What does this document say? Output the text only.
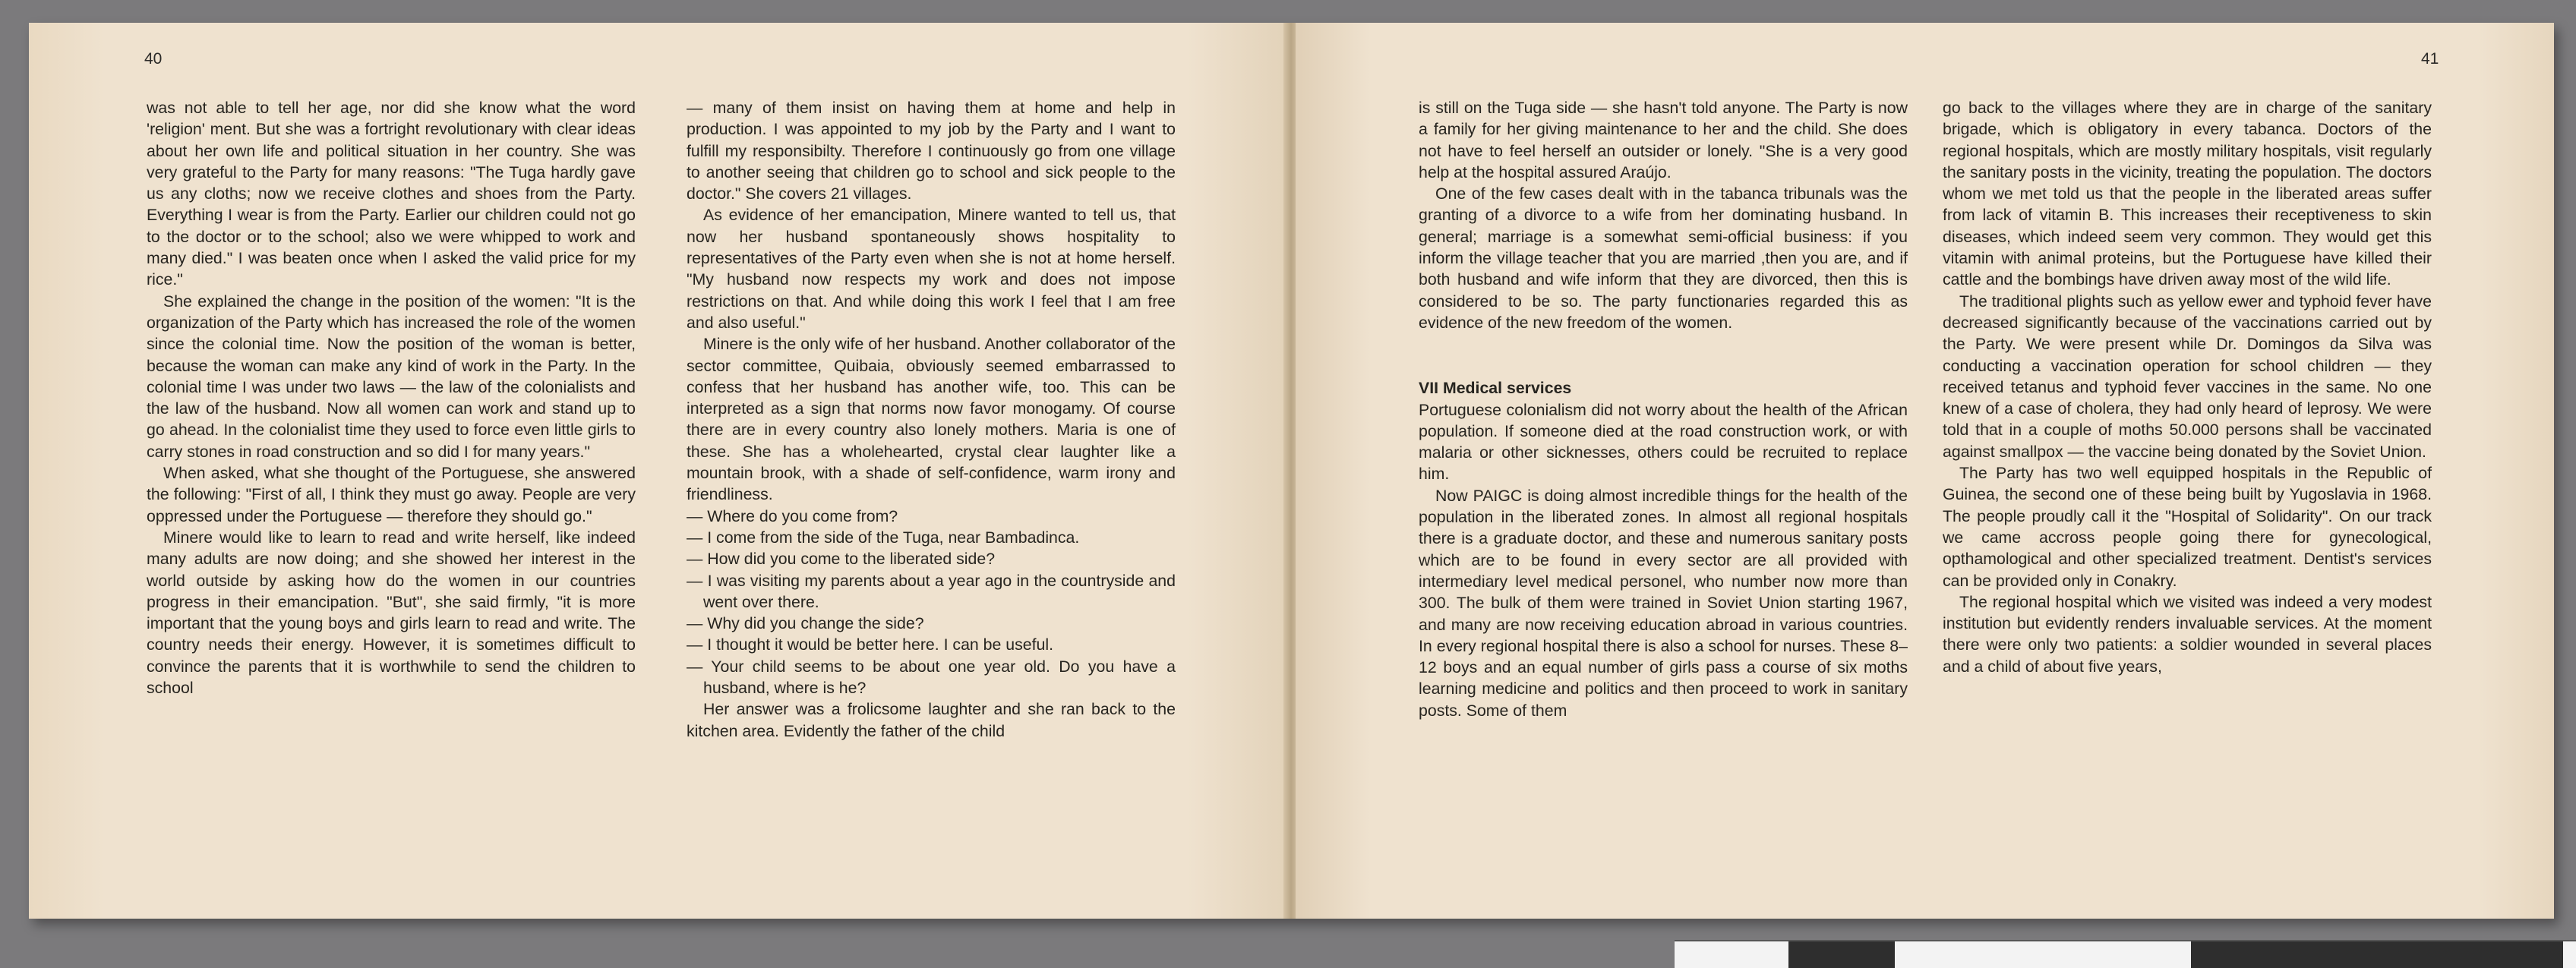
40

was not able to tell her age, nor did she know what the word 'religion' ment. But she was a fortright revolutionary with clear ideas about her own life and political situation in her country. She was very grateful to the Party for many reasons: "The Tuga hardly gave us any cloths; now we receive clothes and shoes from the Party. Everything I wear is from the Party. Earlier our children could not go to the doctor or to the school; also we were whipped to work and many died." I was beaten once when I asked the valid price for my rice."

She explained the change in the position of the women: "It is the organization of the Party which has increased the role of the women since the colonial time. Now the position of the woman is better, because the woman can make any kind of work in the Party. In the colonial time I was under two laws — the law of the colonialists and the law of the husband. Now all women can work and stand up to go ahead. In the colonialist time they used to force even little girls to carry stones in road construction and so did I for many years."

When asked, what she thought of the Portuguese, she answered the following: "First of all, I think they must go away. People are very oppressed under the Portuguese — therefore they should go."

Minere would like to learn to read and write herself, like indeed many adults are now doing; and she showed her interest in the world outside by asking how do the women in our countries progress in their emancipation. "But", she said firmly, "it is more important that the young boys and girls learn to read and write. The country needs their energy. However, it is sometimes difficult to convince the parents that it is worthwhile to send the children to school

— many of them insist on having them at home and help in production. I was appointed to my job by the Party and I want to fulfill my responsibilty. Therefore I continuously go from one village to another seeing that children go to school and sick people to the doctor." She covers 21 villages.

As evidence of her emancipation, Minere wanted to tell us, that now her husband spontaneously shows hospitality to representatives of the Party even when she is not at home herself. "My husband now respects my work and does not impose restrictions on that. And while doing this work I feel that I am free and also useful."

Minere is the only wife of her husband. Another collaborator of the sector committee, Quibaia, obviously seemed embarrassed to confess that her husband has another wife, too. This can be interpreted as a sign that norms now favor monogamy. Of course there are in every country also lonely mothers. Maria is one of these. She has a wholehearted, crystal clear laughter like a mountain brook, with a shade of self-confidence, warm irony and friendliness.

— Where do you come from?

— I come from the side of the Tuga, near Bambadinca.

— How did you come to the liberated side?

— I was visiting my parents about a year ago in the countryside and went over there.

— Why did you change the side?

— I thought it would be better here. I can be useful.

— Your child seems to be about one year old. Do you have a husband, where is he?

Her answer was a frolicsome laughter and she ran back to the kitchen area. Evidently the father of the child

41

is still on the Tuga side — she hasn't told anyone. The Party is now a family for her giving maintenance to her and the child. She does not have to feel herself an outsider or lonely. "She is a very good help at the hospital assured Araújo.

One of the few cases dealt with in the tabanca tribunals was the granting of a divorce to a wife from her dominating husband. In general; marriage is a somewhat semi-official business: if you inform the village teacher that you are married ,then you are, and if both husband and wife inform that they are divorced, then this is considered to be so. The party functionaries regarded this as evidence of the new freedom of the women.

VII Medical services

Portuguese colonialism did not worry about the health of the African population. If someone died at the road construction work, or with malaria or other sicknesses, others could be recruited to replace him.

Now PAIGC is doing almost incredible things for the health of the population in the liberated zones. In almost all regional hospitals there is a graduate doctor, and these and numerous sanitary posts which are to be found in every sector are all provided with intermediary level medical personel, who number now more than 300. The bulk of them were trained in Soviet Union starting 1967, and many are now receiving education abroad in various countries. In every regional hospital there is also a school for nurses. These 8–12 boys and an equal number of girls pass a course of six moths learning medicine and politics and then proceed to work in sanitary posts. Some of them

go back to the villages where they are in charge of the sanitary brigade, which is obligatory in every tabanca. Doctors of the regional hospitals, which are mostly military hospitals, visit regularly the sanitary posts in the vicinity, treating the population. The doctors whom we met told us that the people in the liberated areas suffer from lack of vitamin B. This increases their receptiveness to skin diseases, which indeed seem very common. They would get this vitamin with animal proteins, but the Portuguese have killed their cattle and the bombings have driven away most of the wild life.

The traditional plights such as yellow ewer and typhoid fever have decreased significantly because of the vaccinations carried out by the Party. We were present while Dr. Domingos da Silva was conducting a vaccination operation for school children — they received tetanus and typhoid fever vaccines in the same. No one knew of a case of cholera, they had only heard of leprosy. We were told that in a couple of moths 50.000 persons shall be vaccinated against smallpox — the vaccine being donated by the Soviet Union.

The Party has two well equipped hospitals in the Republic of Guinea, the second one of these being built by Yugoslavia in 1968. The people proudly call it the "Hospital of Solidarity". On our track we came accross people going there for gynecological, opthamological and other specialized treatment. Dentist's services can be provided only in Conakry.

The regional hospital which we visited was indeed a very modest institution but evidently renders invaluable services. At the moment there were only two patients: a soldier wounded in several places and a child of about five years,
